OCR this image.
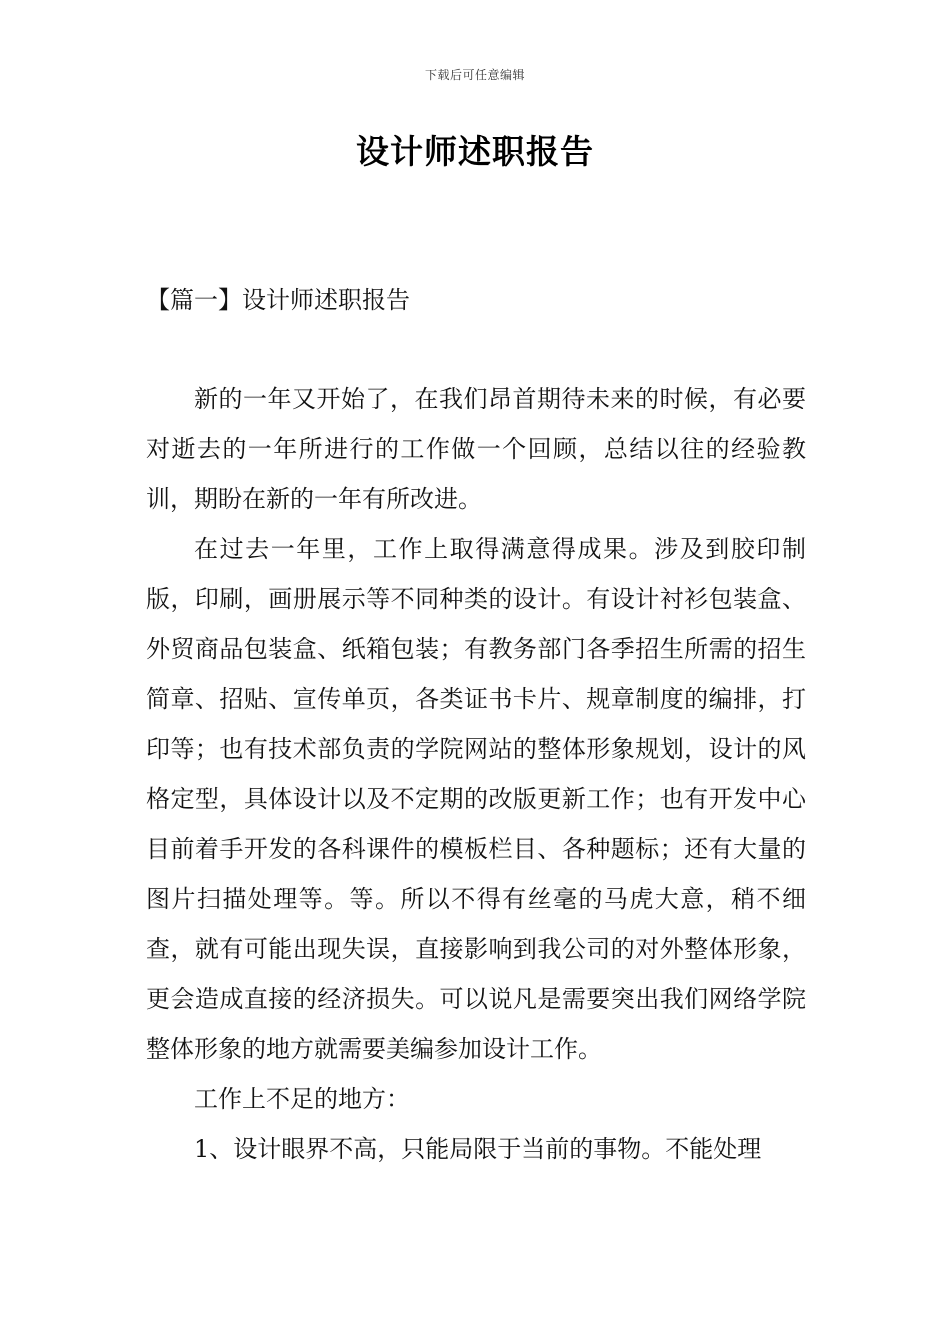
下载后可任意编辑
设计师述职报告
【篇一】设计师述职报告

新的一年又开始了，在我们昂首期待未来的时候，有必要对逝去的一年所进行的工作做一个回顾，总结以往的经验教训，期盼在新的一年有所改进。

在过去一年里，工作上取得满意得成果。涉及到胶印制版，印刷，画册展示等不同种类的设计。有设计衬衫包装盒、外贸商品包装盒、纸箱包装；有教务部门各季招生所需的招生简章、招贴、宣传单页，各类证书卡片、规章制度的编排，打印等；也有技术部负责的学院网站的整体形象规划，设计的风格定型，具体设计以及不定期的改版更新工作；也有开发中心目前着手开发的各科课件的模板栏目、各种题标；还有大量的图片扫描处理等。等。所以不得有丝毫的马虎大意，稍不细查，就有可能出现失误，直接影响到我公司的对外整体形象，更会造成直接的经济损失。可以说凡是需要突出我们网络学院整体形象的地方就需要美编参加设计工作。

工作上不足的地方：

1、设计眼界不高，只能局限于当前的事物。不能处理
